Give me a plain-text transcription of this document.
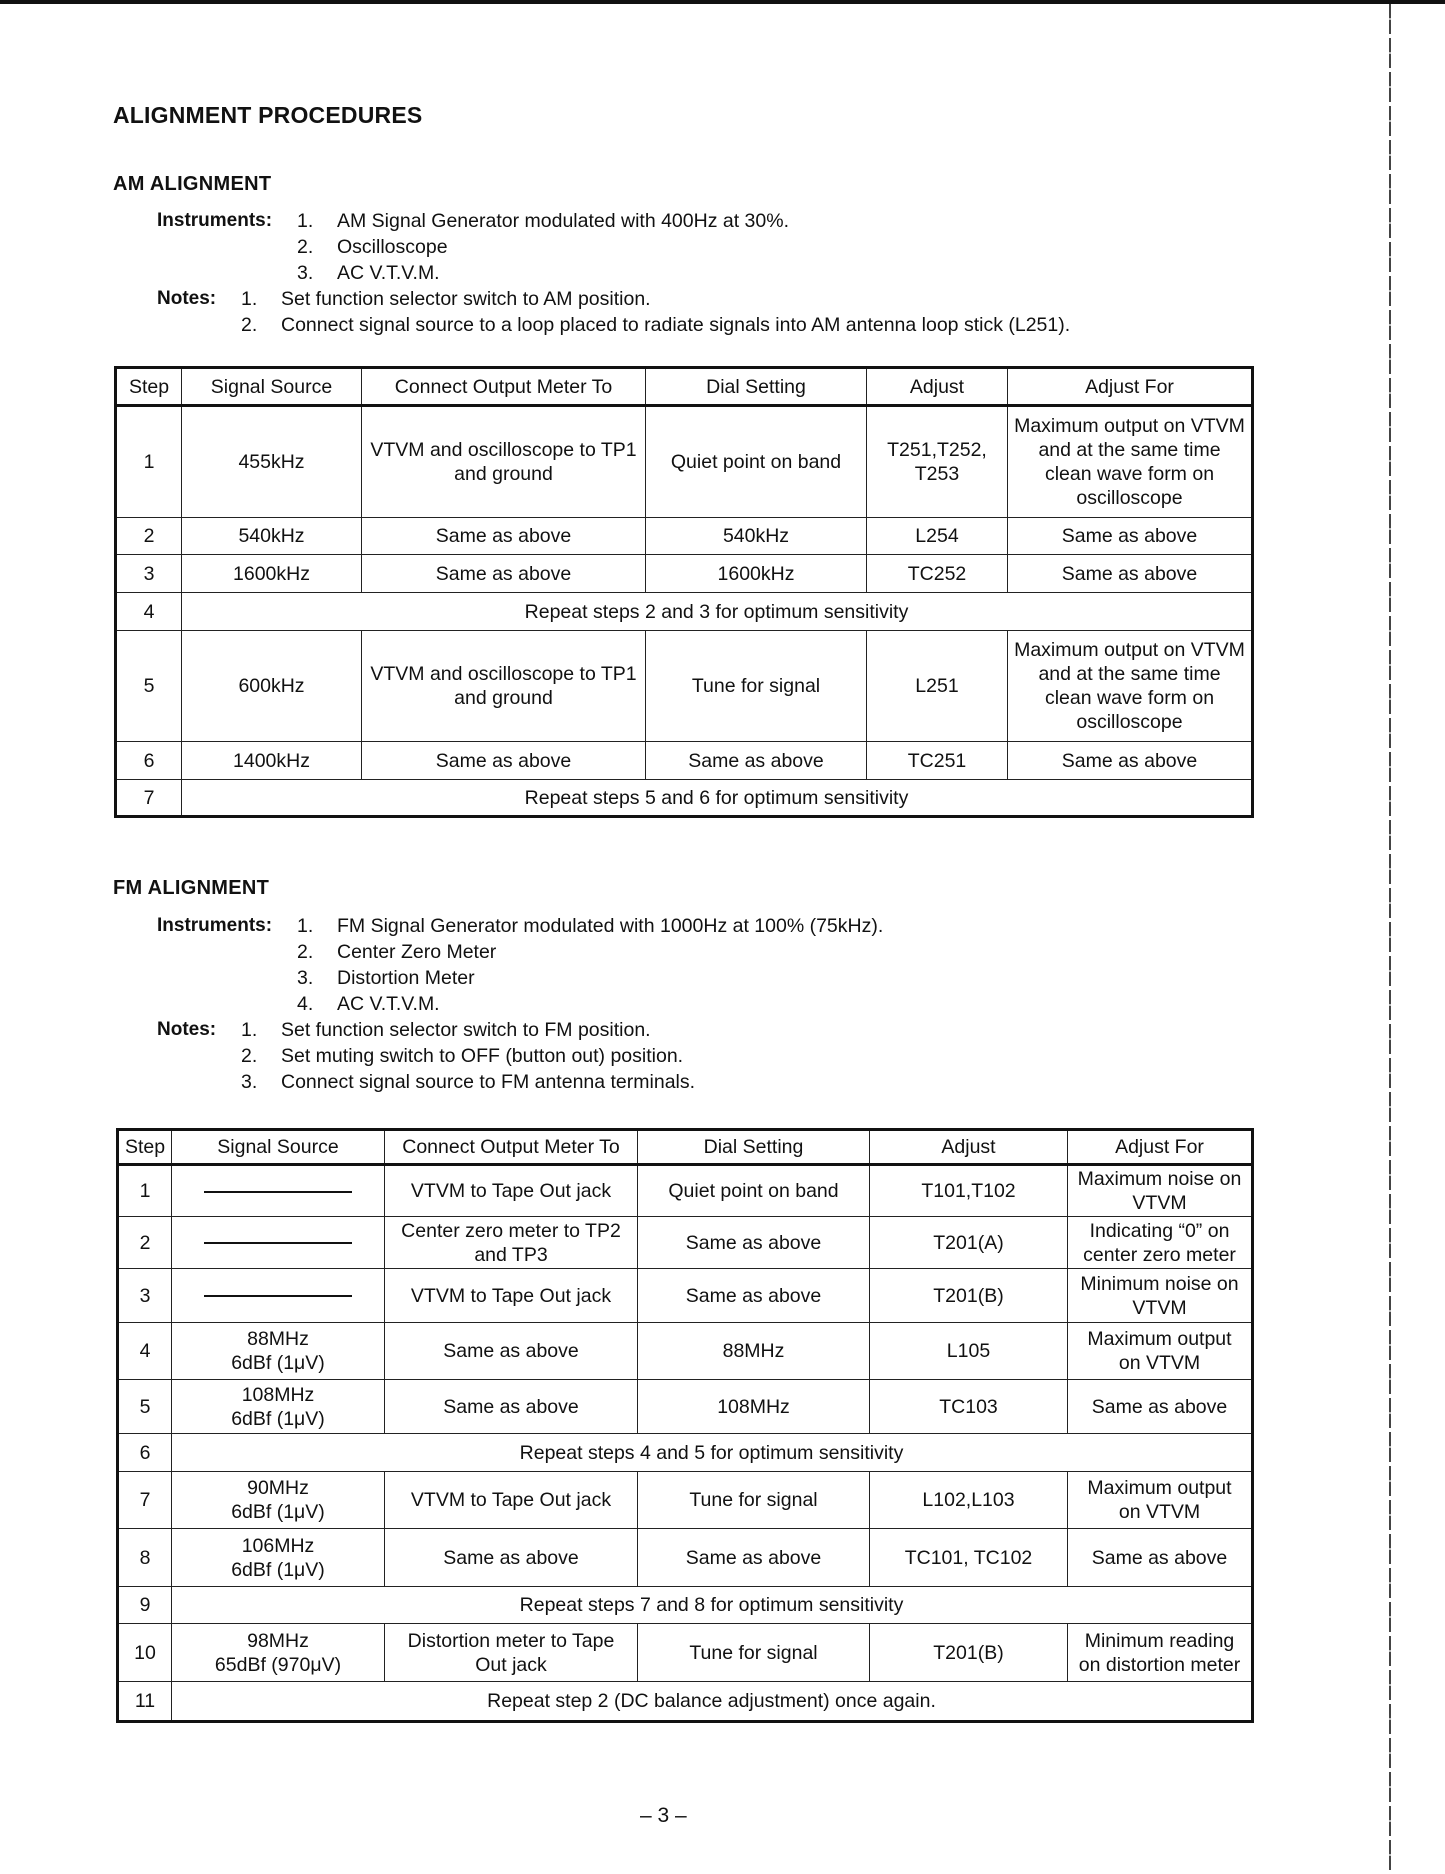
ALIGNMENT PROCEDURES
AM ALIGNMENT
Instruments: 1. AM Signal Generator modulated with 400Hz at 30%.
2. Oscilloscope
3. AC V.T.V.M.
Notes: 1. Set function selector switch to AM position.
2. Connect signal source to a loop placed to radiate signals into AM antenna loop stick (L251).
Step	Signal Source	Connect Output Meter To	Dial Setting	Adjust	Adjust For
1	455kHz	VTVM and oscilloscope to TP1 and ground	Quiet point on band	T251,T252, T253	Maximum output on VTVM and at the same time clean wave form on oscilloscope
2	540kHz	Same as above	540kHz	L254	Same as above
3	1600kHz	Same as above	1600kHz	TC252	Same as above
4	Repeat steps 2 and 3 for optimum sensitivity				
5	600kHz	VTVM and oscilloscope to TP1 and ground	Tune for signal	L251	Maximum output on VTVM and at the same time clean wave form on oscilloscope
6	1400kHz	Same as above	Same as above	TC251	Same as above
7	Repeat steps 5 and 6 for optimum sensitivity				
FM ALIGNMENT
Instruments: 1. FM Signal Generator modulated with 1000Hz at 100% (75kHz).
2. Center Zero Meter
3. Distortion Meter
4. AC V.T.V.M.
Notes: 1. Set function selector switch to FM position.
2. Set muting switch to OFF (button out) position.
3. Connect signal source to FM antenna terminals.
Step	Signal Source	Connect Output Meter To	Dial Setting	Adjust	Adjust For
1		VTVM to Tape Out jack	Quiet point on band	T101,T102	Maximum noise on VTVM
2		Center zero meter to TP2 and TP3	Same as above	T201(A)	Indicating “0” on center zero meter
3		VTVM to Tape Out jack	Same as above	T201(B)	Minimum noise on VTVM
4	88MHz
6dBf (1μV)	Same as above	88MHz	L105	Maximum output on VTVM
5	108MHz
6dBf (1μV)	Same as above	108MHz	TC103	Same as above
6	Repeat steps 4 and 5 for optimum sensitivity				
7	90MHz
6dBf (1μV)	VTVM to Tape Out jack	Tune for signal	L102,L103	Maximum output on VTVM
8	106MHz
6dBf (1μV)	Same as above	Same as above	TC101, TC102	Same as above
9	Repeat steps 7 and 8 for optimum sensitivity				
10	98MHz
65dBf (970μV)	Distortion meter to Tape Out jack	Tune for signal	T201(B)	Minimum reading on distortion meter
11	Repeat step 2 (DC balance adjustment) once again.				
– 3 –
